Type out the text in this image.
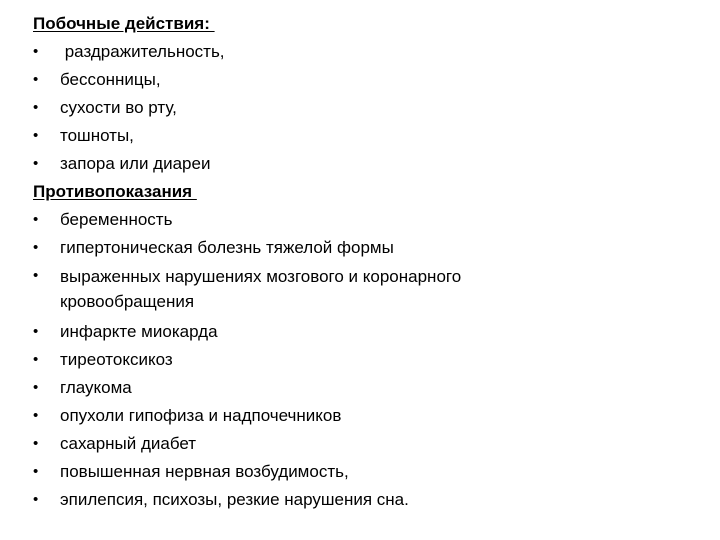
Побочные действия:
•	раздражительность,
•	бессонницы,
•	сухости во рту,
•	тошноты,
•	запора или диареи
Противопоказания
•	беременность
•	гипертоническая болезнь тяжелой формы
•	выраженных нарушениях мозгового и коронарного
кровообращения
•	инфаркте миокарда
•	тиреотоксикоз
•	глаукома
•	опухоли гипофиза и надпочечников
•	сахарный диабет
•	повышенная нервная возбудимость,
•	эпилепсия, психозы, резкие нарушения сна.
